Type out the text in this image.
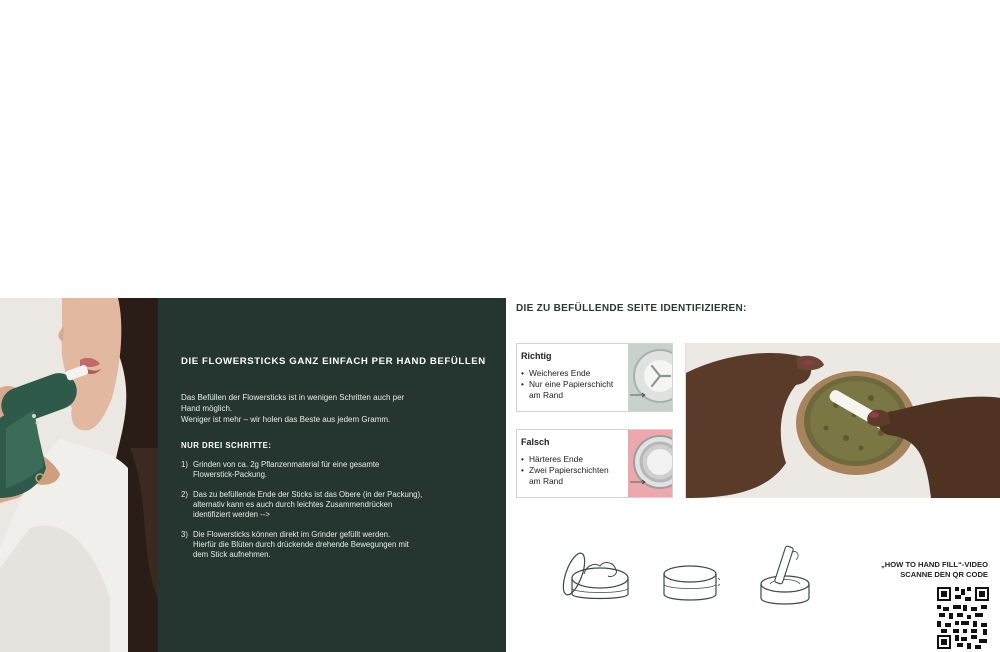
DIE FLOWERSTICKS GANZ EINFACH PER HAND BEFÜLLEN
Das Befüllen der Flowersticks ist in wenigen Schritten auch per
Hand möglich.
Weniger ist mehr – wir holen das Beste aus jedem Gramm.
NUR DREI SCHRITTE:
1) Grinden von ca. 2g Pflanzenmaterial für eine gesamte
Flowerstick-Packung.
2) Das zu befüllende Ende der Sticks ist das Obere (in der Packung),
alternativ kann es auch durch leichtes Zusammendrücken
identifiziert werden -->
3) Die Flowersticks können direkt im Grinder gefüllt werden.
Hierfür die Blüten durch drückende drehende Bewegungen mit
dem Stick aufnehmen.
DIE ZU BEFÜLLENDE SEITE IDENTIFIZIEREN:
Richtig
• Weicheres Ende
• Nur eine Papierschicht
am Rand
Falsch
• Härteres Ende
• Zwei Papierschichten
am Rand
„HOW TO HAND FILL“-VIDEO
SCANNE DEN QR CODE
